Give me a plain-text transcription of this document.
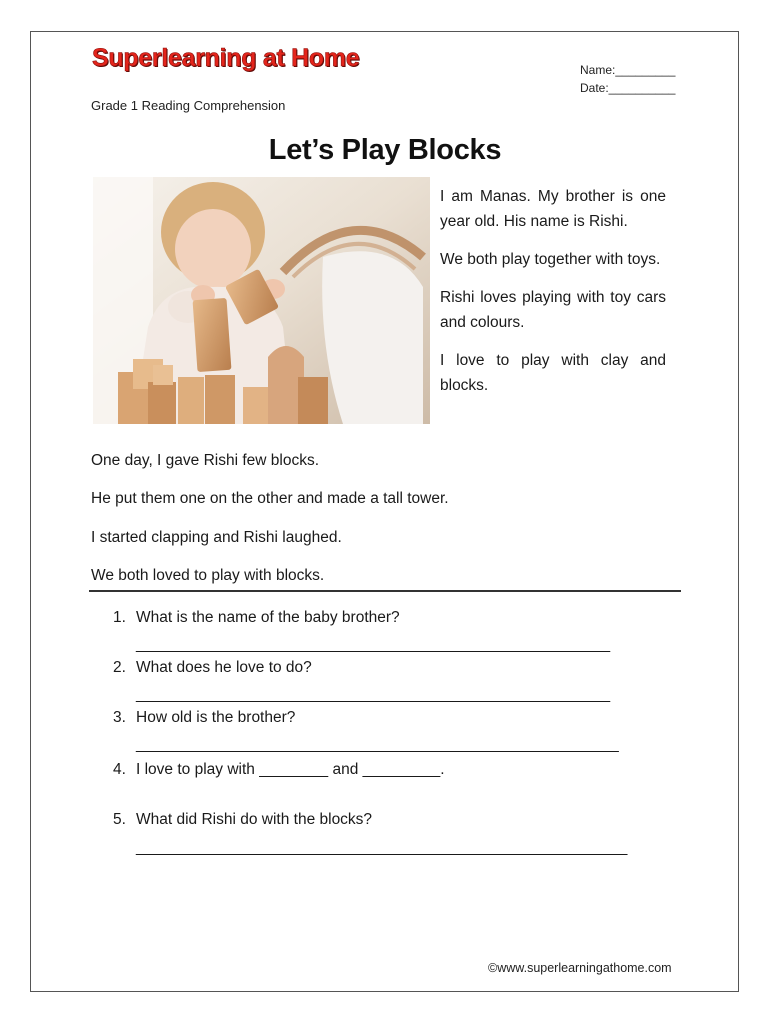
Superlearning at Home	Name:_________
Date:__________
Grade 1 Reading Comprehension
Let’s Play Blocks

I am Manas. My brother is one year old. His name is Rishi.

We both play together with toys.

Rishi loves playing with toy cars and colours.

I love to play with clay and blocks.

One day, I gave Rishi few blocks.
He put them one on the other and made a tall tower.
I started clapping and Rishi laughed.
We both loved to play with blocks.
1. What is the name of the baby brother?
_______________________________________________________
2. What does he love to do?
_______________________________________________________
3. How old is the brother?
________________________________________________________
4. I love to play with ________ and _________.
5. What did Rishi do with the blocks?
_________________________________________________________
©www.superlearningathome.com
